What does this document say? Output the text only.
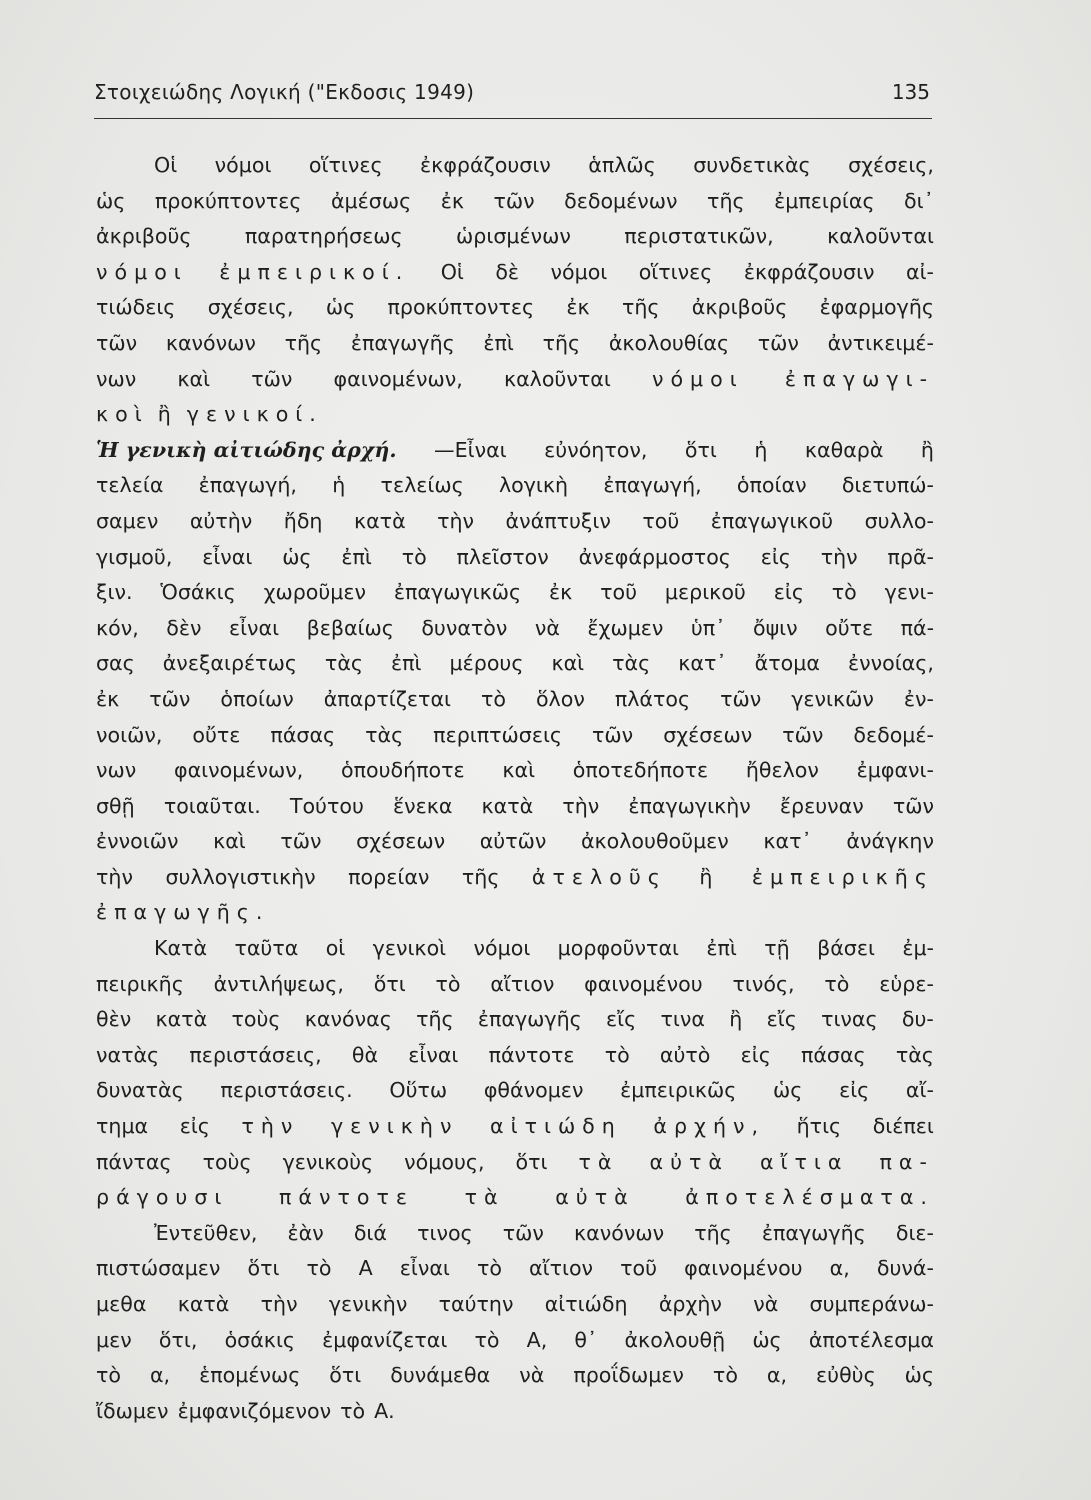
Στοιχειώδης Λογική ("Εκδοσις 1949)	135
Οἱ νόμοι οἵτινες ἐκφράζουσιν ἁπλῶς συνδετικὰς σχέσεις,
ὡς προκύπτοντες ἀμέσως ἐκ τῶν δεδομένων τῆς ἐμπειρίας δι᾽
ἀκριβοῦς	παρατηρήσεως	ὡρισμένων	περιστατικῶν,	καλοῦνται
νόμοι ἐμπειρικοί. Οἱ δὲ νόμοι οἵτινες ἐκφράζουσιν αἰ-
τιώδεις σχέσεις, ὡς προκύπτοντες ἐκ τῆς ἀκριβοῦς ἐφαρμογῆς
τῶν κανόνων τῆς ἐπαγωγῆς ἐπὶ τῆς ἀκολουθίας τῶν ἀντικειμέ-
νων καὶ τῶν φαινομένων, καλοῦνται νόμοι ἐπαγωγι-
κοὶ ἢ γενικοί.
Ἡ γενικὴ αἰτιώδης ἀρχή. —Εἶναι εὐνόητον, ὅτι ἡ καθαρὰ ἢ
τελεία ἐπαγωγή, ἡ τελείως λογικὴ ἐπαγωγή, ὁποίαν διετυπώ-
σαμεν αὐτὴν ἤδη κατὰ τὴν ἀνάπτυξιν τοῦ ἐπαγωγικοῦ συλλο-
γισμοῦ, εἶναι ὡς ἐπὶ τὸ πλεῖστον ἀνεφάρμοστος εἰς τὴν πρᾶ-
ξιν. Ὁσάκις χωροῦμεν ἐπαγωγικῶς ἐκ τοῦ μερικοῦ εἰς τὸ γενι-
κόν, δὲν εἶναι βεβαίως δυνατὸν νὰ ἔχωμεν ὑπ᾽ ὄψιν οὔτε πά-
σας ἀνεξαιρέτως τὰς ἐπὶ μέρους καὶ τὰς κατ᾽ ἄτομα ἐννοίας,
ἐκ τῶν ὁποίων ἀπαρτίζεται τὸ ὅλον πλάτος τῶν γενικῶν ἐν-
νοιῶν, οὔτε πάσας τὰς περιπτώσεις τῶν σχέσεων τῶν δεδομέ-
νων φαινομένων, ὁπουδήποτε καὶ ὁποτεδήποτε ἤθελον ἐμφανι-
σθῇ τοιαῦται. Τούτου ἕνεκα κατὰ τὴν ἐπαγωγικὴν ἔρευναν τῶν
ἐννοιῶν καὶ τῶν σχέσεων αὐτῶν ἀκολουθοῦμεν κατ᾽ ἀνάγκην
τὴν συλλογιστικὴν πορείαν τῆς ἀτελοῦς ἢ ἐμπειρικῆς
ἐπαγωγῆς.
Κατὰ ταῦτα οἱ γενικοὶ νόμοι μορφοῦνται ἐπὶ τῇ βάσει ἐμ-
πειρικῆς ἀντιλήψεως, ὅτι τὸ αἴτιον φαινομένου τινός, τὸ εὑρε-
θὲν κατὰ τοὺς κανόνας τῆς ἐπαγωγῆς εἴς τινα ἢ εἴς τινας δυ-
νατὰς περιστάσεις, θὰ εἶναι πάντοτε τὸ αὐτὸ εἰς πάσας τὰς
δυνατὰς περιστάσεις. Οὕτω φθάνομεν ἐμπειρικῶς ὡς εἰς αἴ-
τημα εἰς τὴν γενικὴν αἰτιώδη ἀρχήν, ἥτις διέπει
πάντας τοὺς γενικοὺς νόμους, ὅτι τὰ αὐτὰ αἴτια πα-
ράγουσι πάντοτε τὰ αὐτὰ ἀποτελέσματα.
Ἐντεῦθεν, ἐὰν διά τινος τῶν κανόνων τῆς ἐπαγωγῆς διε-
πιστώσαμεν ὅτι τὸ Α εἶναι τὸ αἴτιον τοῦ φαινομένου α, δυνά-
μεθα κατὰ τὴν γενικὴν ταύτην αἰτιώδη ἀρχὴν νὰ συμπεράνω-
μεν ὅτι, ὁσάκις ἐμφανίζεται τὸ Α, θ᾽ ἀκολουθῇ ὡς ἀποτέλεσμα
τὸ α, ἑπομένως ὅτι δυνάμεθα νὰ προΐδωμεν τὸ α, εὐθὺς ὡς
ἴδωμεν ἐμφανιζόμενον τὸ Α.
